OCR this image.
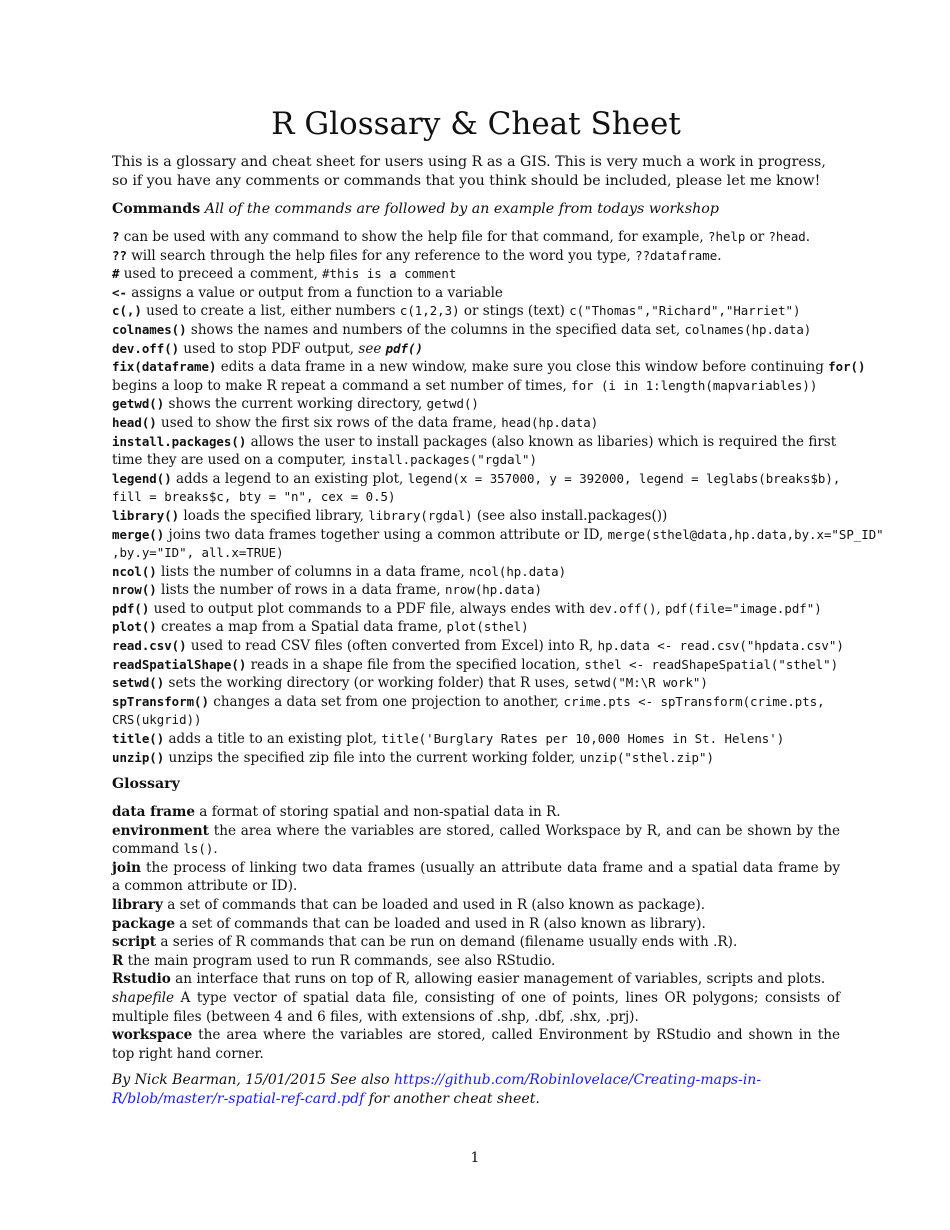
R Glossary & Cheat Sheet
This is a glossary and cheat sheet for users using R as a GIS. This is very much a work in progress, so if you have any comments or commands that you think should be included, please let me know!
Commands All of the commands are followed by an example from todays workshop
? can be used with any command to show the help file for that command, for example, ?help or ?head.
?? will search through the help files for any reference to the word you type, ??dataframe.
# used to preceed a comment, #this is a comment
<- assigns a value or output from a function to a variable
c(,) used to create a list, either numbers c(1,2,3) or stings (text) c("Thomas","Richard","Harriet")
colnames() shows the names and numbers of the columns in the specified data set, colnames(hp.data)
dev.off() used to stop PDF output, see pdf()
fix(dataframe) edits a data frame in a new window, make sure you close this window before continuing for()
begins a loop to make R repeat a command a set number of times, for (i in 1:length(mapvariables))
getwd() shows the current working directory, getwd()
head() used to show the first six rows of the data frame, head(hp.data)
install.packages() allows the user to install packages (also known as libaries) which is required the first
time they are used on a computer, install.packages("rgdal")
legend() adds a legend to an existing plot, legend(x = 357000, y = 392000, legend = leglabs(breaks$b),
fill = breaks$c, bty = "n", cex = 0.5)
library() loads the specified library, library(rgdal) (see also install.packages())
merge() joins two data frames together using a common attribute or ID, merge(sthel@data,hp.data,by.x="SP_ID"
,by.y="ID", all.x=TRUE)
ncol() lists the number of columns in a data frame, ncol(hp.data)
nrow() lists the number of rows in a data frame, nrow(hp.data)
pdf() used to output plot commands to a PDF file, always endes with dev.off(), pdf(file="image.pdf")
plot() creates a map from a Spatial data frame, plot(sthel)
read.csv() used to read CSV files (often converted from Excel) into R, hp.data <- read.csv("hpdata.csv")
readSpatialShape() reads in a shape file from the specified location, sthel <- readShapeSpatial("sthel")
setwd() sets the working directory (or working folder) that R uses, setwd("M:\R work")
spTransform() changes a data set from one projection to another, crime.pts <- spTransform(crime.pts,
CRS(ukgrid))
title() adds a title to an existing plot, title('Burglary Rates per 10,000 Homes in St. Helens')
unzip() unzips the specified zip file into the current working folder, unzip("sthel.zip")
Glossary
data frame a format of storing spatial and non-spatial data in R.
environment the area where the variables are stored, called Workspace by R, and can be shown by the command ls().
join the process of linking two data frames (usually an attribute data frame and a spatial data frame by a common attribute or ID).
library a set of commands that can be loaded and used in R (also known as package).
package a set of commands that can be loaded and used in R (also known as library).
script a series of R commands that can be run on demand (filename usually ends with .R).
R the main program used to run R commands, see also RStudio.
Rstudio an interface that runs on top of R, allowing easier management of variables, scripts and plots.
shapefile A type vector of spatial data file, consisting of one of points, lines OR polygons; consists of multiple files (between 4 and 6 files, with extensions of .shp, .dbf, .shx, .prj).
workspace the area where the variables are stored, called Environment by RStudio and shown in the top right hand corner.
By Nick Bearman, 15/01/2015 See also https://github.com/Robinlovelace/Creating-maps-in-R/blob/master/r-spatial-ref-card.pdf for another cheat sheet.
1
